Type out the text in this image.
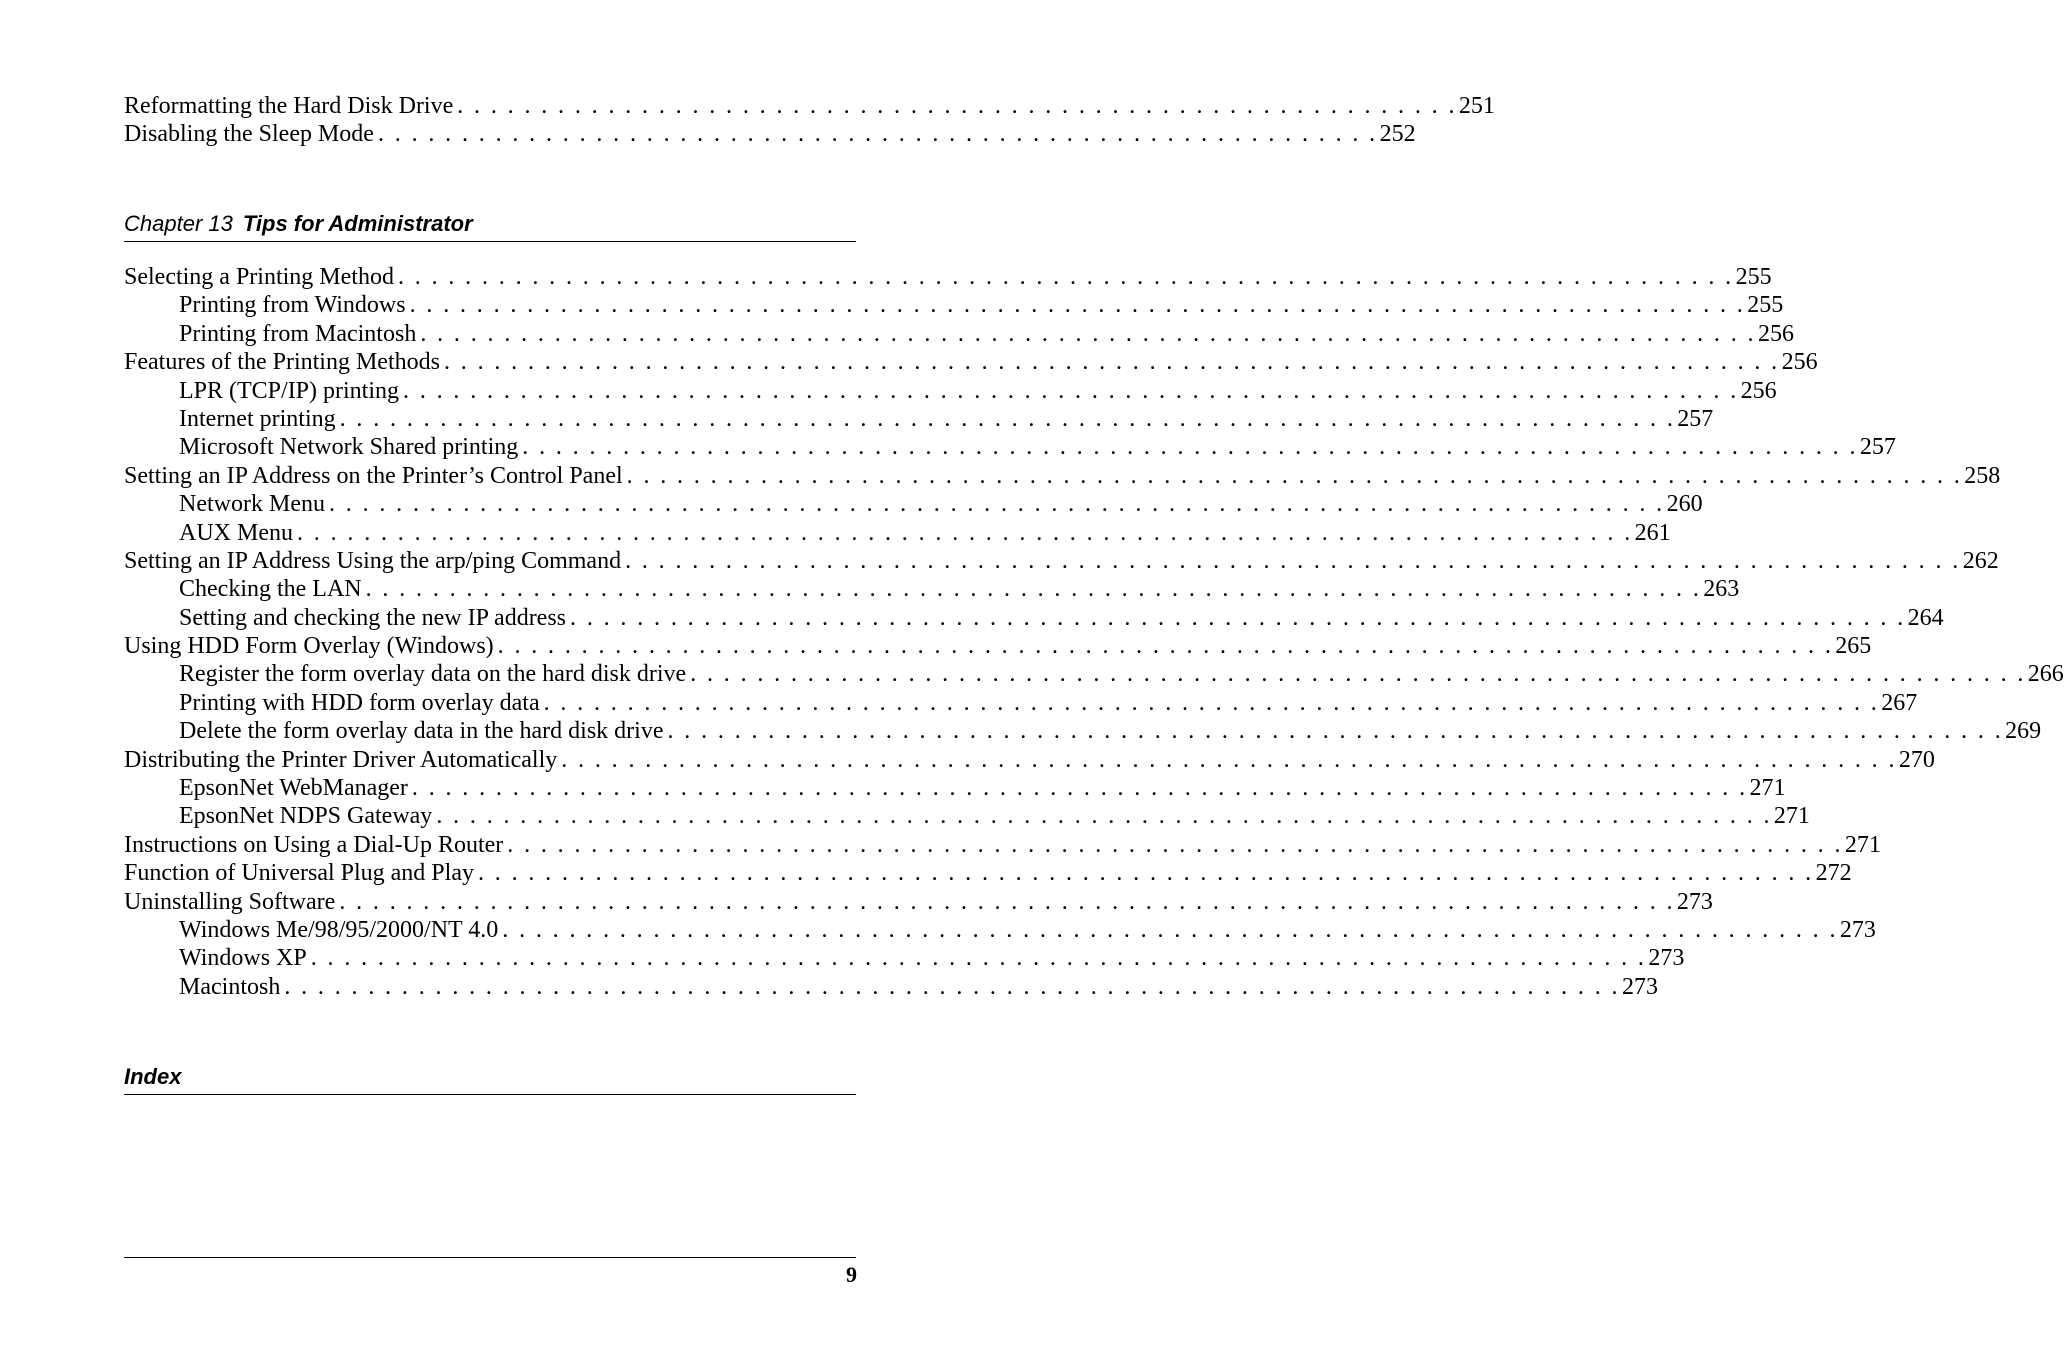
Reformatting the Hard Disk Drive . . . . . . . . . . . . . . . . . . . . . . . . . . . . . . . . . . . . . . . . . . . . . . . . . . . . . . . . . . . . 251
Disabling the Sleep Mode . . . . . . . . . . . . . . . . . . . . . . . . . . . . . . . . . . . . . . . . . . . . . . . . . . . . . . . . . . . . 252
Chapter 13 Tips for Administrator
Selecting a Printing Method . . . . . . . . . . . . . . . . . . . . . . . . . . . . . . . . . . . . . . . . . . . . . . . . . . . . . . . . . . . . . . . . . . . . . . . . . . . . . . . . 255
Printing from Windows . . . . . . . . . . . . . . . . . . . . . . . . . . . . . . . . . . . . . . . . . . . . . . . . . . . . . . . . . . . . . . . . . . . . . . . . . . . . . . . . 255
Printing from Macintosh . . . . . . . . . . . . . . . . . . . . . . . . . . . . . . . . . . . . . . . . . . . . . . . . . . . . . . . . . . . . . . . . . . . . . . . . . . . . . . . . 256
Features of the Printing Methods . . . . . . . . . . . . . . . . . . . . . . . . . . . . . . . . . . . . . . . . . . . . . . . . . . . . . . . . . . . . . . . . . . . . . . . . . . . . . . . . 256
LPR (TCP/IP) printing . . . . . . . . . . . . . . . . . . . . . . . . . . . . . . . . . . . . . . . . . . . . . . . . . . . . . . . . . . . . . . . . . . . . . . . . . . . . . . . . 256
Internet printing . . . . . . . . . . . . . . . . . . . . . . . . . . . . . . . . . . . . . . . . . . . . . . . . . . . . . . . . . . . . . . . . . . . . . . . . . . . . . . . . 257
Microsoft Network Shared printing . . . . . . . . . . . . . . . . . . . . . . . . . . . . . . . . . . . . . . . . . . . . . . . . . . . . . . . . . . . . . . . . . . . . . . . . . . . . . . . . 257
Setting an IP Address on the Printer’s Control Panel . . . . . . . . . . . . . . . . . . . . . . . . . . . . . . . . . . . . . . . . . . . . . . . . . . . . . . . . . . . . . . . . . . . . . . . . . . . . . . . . 258
Network Menu . . . . . . . . . . . . . . . . . . . . . . . . . . . . . . . . . . . . . . . . . . . . . . . . . . . . . . . . . . . . . . . . . . . . . . . . . . . . . . . . 260
AUX Menu . . . . . . . . . . . . . . . . . . . . . . . . . . . . . . . . . . . . . . . . . . . . . . . . . . . . . . . . . . . . . . . . . . . . . . . . . . . . . . . . 261
Setting an IP Address Using the arp/ping Command . . . . . . . . . . . . . . . . . . . . . . . . . . . . . . . . . . . . . . . . . . . . . . . . . . . . . . . . . . . . . . . . . . . . . . . . . . . . . . . . 262
Checking the LAN . . . . . . . . . . . . . . . . . . . . . . . . . . . . . . . . . . . . . . . . . . . . . . . . . . . . . . . . . . . . . . . . . . . . . . . . . . . . . . . . 263
Setting and checking the new IP address . . . . . . . . . . . . . . . . . . . . . . . . . . . . . . . . . . . . . . . . . . . . . . . . . . . . . . . . . . . . . . . . . . . . . . . . . . . . . . . . 264
Using HDD Form Overlay (Windows) . . . . . . . . . . . . . . . . . . . . . . . . . . . . . . . . . . . . . . . . . . . . . . . . . . . . . . . . . . . . . . . . . . . . . . . . . . . . . . . . 265
Register the form overlay data on the hard disk drive . . . . . . . . . . . . . . . . . . . . . . . . . . . . . . . . . . . . . . . . . . . . . . . . . . . . . . . . . . . . . . . . . . . . . . . . . . . . . . . . 266
Printing with HDD form overlay data . . . . . . . . . . . . . . . . . . . . . . . . . . . . . . . . . . . . . . . . . . . . . . . . . . . . . . . . . . . . . . . . . . . . . . . . . . . . . . . . 267
Delete the form overlay data in the hard disk drive . . . . . . . . . . . . . . . . . . . . . . . . . . . . . . . . . . . . . . . . . . . . . . . . . . . . . . . . . . . . . . . . . . . . . . . . . . . . . . . . 269
Distributing the Printer Driver Automatically . . . . . . . . . . . . . . . . . . . . . . . . . . . . . . . . . . . . . . . . . . . . . . . . . . . . . . . . . . . . . . . . . . . . . . . . . . . . . . . . 270
EpsonNet WebManager . . . . . . . . . . . . . . . . . . . . . . . . . . . . . . . . . . . . . . . . . . . . . . . . . . . . . . . . . . . . . . . . . . . . . . . . . . . . . . . . 271
EpsonNet NDPS Gateway . . . . . . . . . . . . . . . . . . . . . . . . . . . . . . . . . . . . . . . . . . . . . . . . . . . . . . . . . . . . . . . . . . . . . . . . . . . . . . . . 271
Instructions on Using a Dial-Up Router . . . . . . . . . . . . . . . . . . . . . . . . . . . . . . . . . . . . . . . . . . . . . . . . . . . . . . . . . . . . . . . . . . . . . . . . . . . . . . . . 271
Function of Universal Plug and Play . . . . . . . . . . . . . . . . . . . . . . . . . . . . . . . . . . . . . . . . . . . . . . . . . . . . . . . . . . . . . . . . . . . . . . . . . . . . . . . . 272
Uninstalling Software . . . . . . . . . . . . . . . . . . . . . . . . . . . . . . . . . . . . . . . . . . . . . . . . . . . . . . . . . . . . . . . . . . . . . . . . . . . . . . . . 273
Windows Me/98/95/2000/NT 4.0 . . . . . . . . . . . . . . . . . . . . . . . . . . . . . . . . . . . . . . . . . . . . . . . . . . . . . . . . . . . . . . . . . . . . . . . . . . . . . . . . 273
Windows XP . . . . . . . . . . . . . . . . . . . . . . . . . . . . . . . . . . . . . . . . . . . . . . . . . . . . . . . . . . . . . . . . . . . . . . . . . . . . . . . . 273
Macintosh . . . . . . . . . . . . . . . . . . . . . . . . . . . . . . . . . . . . . . . . . . . . . . . . . . . . . . . . . . . . . . . . . . . . . . . . . . . . . . . . 273
Index
9
